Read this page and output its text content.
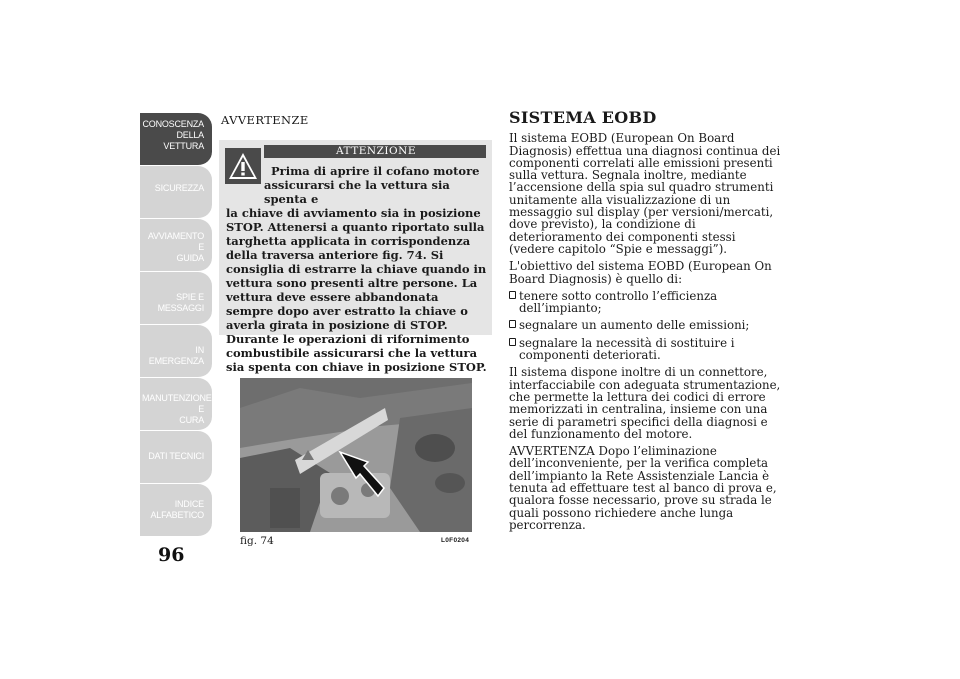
CONOSCENZA
DELLA VETTURA
SICUREZZA
AVVIAMENTO E
GUIDA
SPIE E MESSAGGI
IN EMERGENZA
MANUTENZIONE E
CURA
DATI TECNICI
INDICE
ALFABETICO
96
AVVERTENZE
ATTENZIONE
Prima di aprire il cofano motore
assicurarsi che la vettura sia spenta e
la chiave di avviamento sia in posizione STOP. Attenersi a quanto riportato sulla targhetta applicata in corrispondenza della traversa anteriore fig. 74. Si consiglia di estrarre la chiave quando in vettura sono presenti altre persone. La vettura deve essere abbandonata sempre dopo aver estratto la chiave o averla girata in posizione di STOP. Durante le operazioni di rifornimento combustibile assicurarsi che la vettura sia spenta con chiave in posizione STOP.
fig. 74	L0F0204
SISTEMA EOBD

Il sistema EOBD (European On Board Diagnosis) effettua una diagnosi continua dei componenti correlati alle emissioni presenti sulla vettura. Segnala inoltre, mediante l’accensione della spia sul quadro strumenti unitamente alla visualizzazione di un messaggio sul display (per versioni/mercati, dove previsto), la condizione di deterioramento dei componenti stessi (vedere capitolo “Spie e messaggi”).

L'obiettivo del sistema EOBD (European On Board Diagnosis) è quello di:

tenere sotto controllo l’efficienza dell’impianto;
segnalare un aumento delle emissioni;
segnalare la necessità di sostituire i componenti deteriorati.

Il sistema dispone inoltre di un connettore, interfacciabile con adeguata strumentazione, che permette la lettura dei codici di errore memorizzati in centralina, insieme con una serie di parametri specifici della diagnosi e del funzionamento del motore.

AVVERTENZA Dopo l’eliminazione dell’inconveniente, per la verifica completa dell’impianto la Rete Assistenziale Lancia è tenuta ad effettuare test al banco di prova e, qualora fosse necessario, prove su strada le quali possono richiedere anche lunga percorrenza.
